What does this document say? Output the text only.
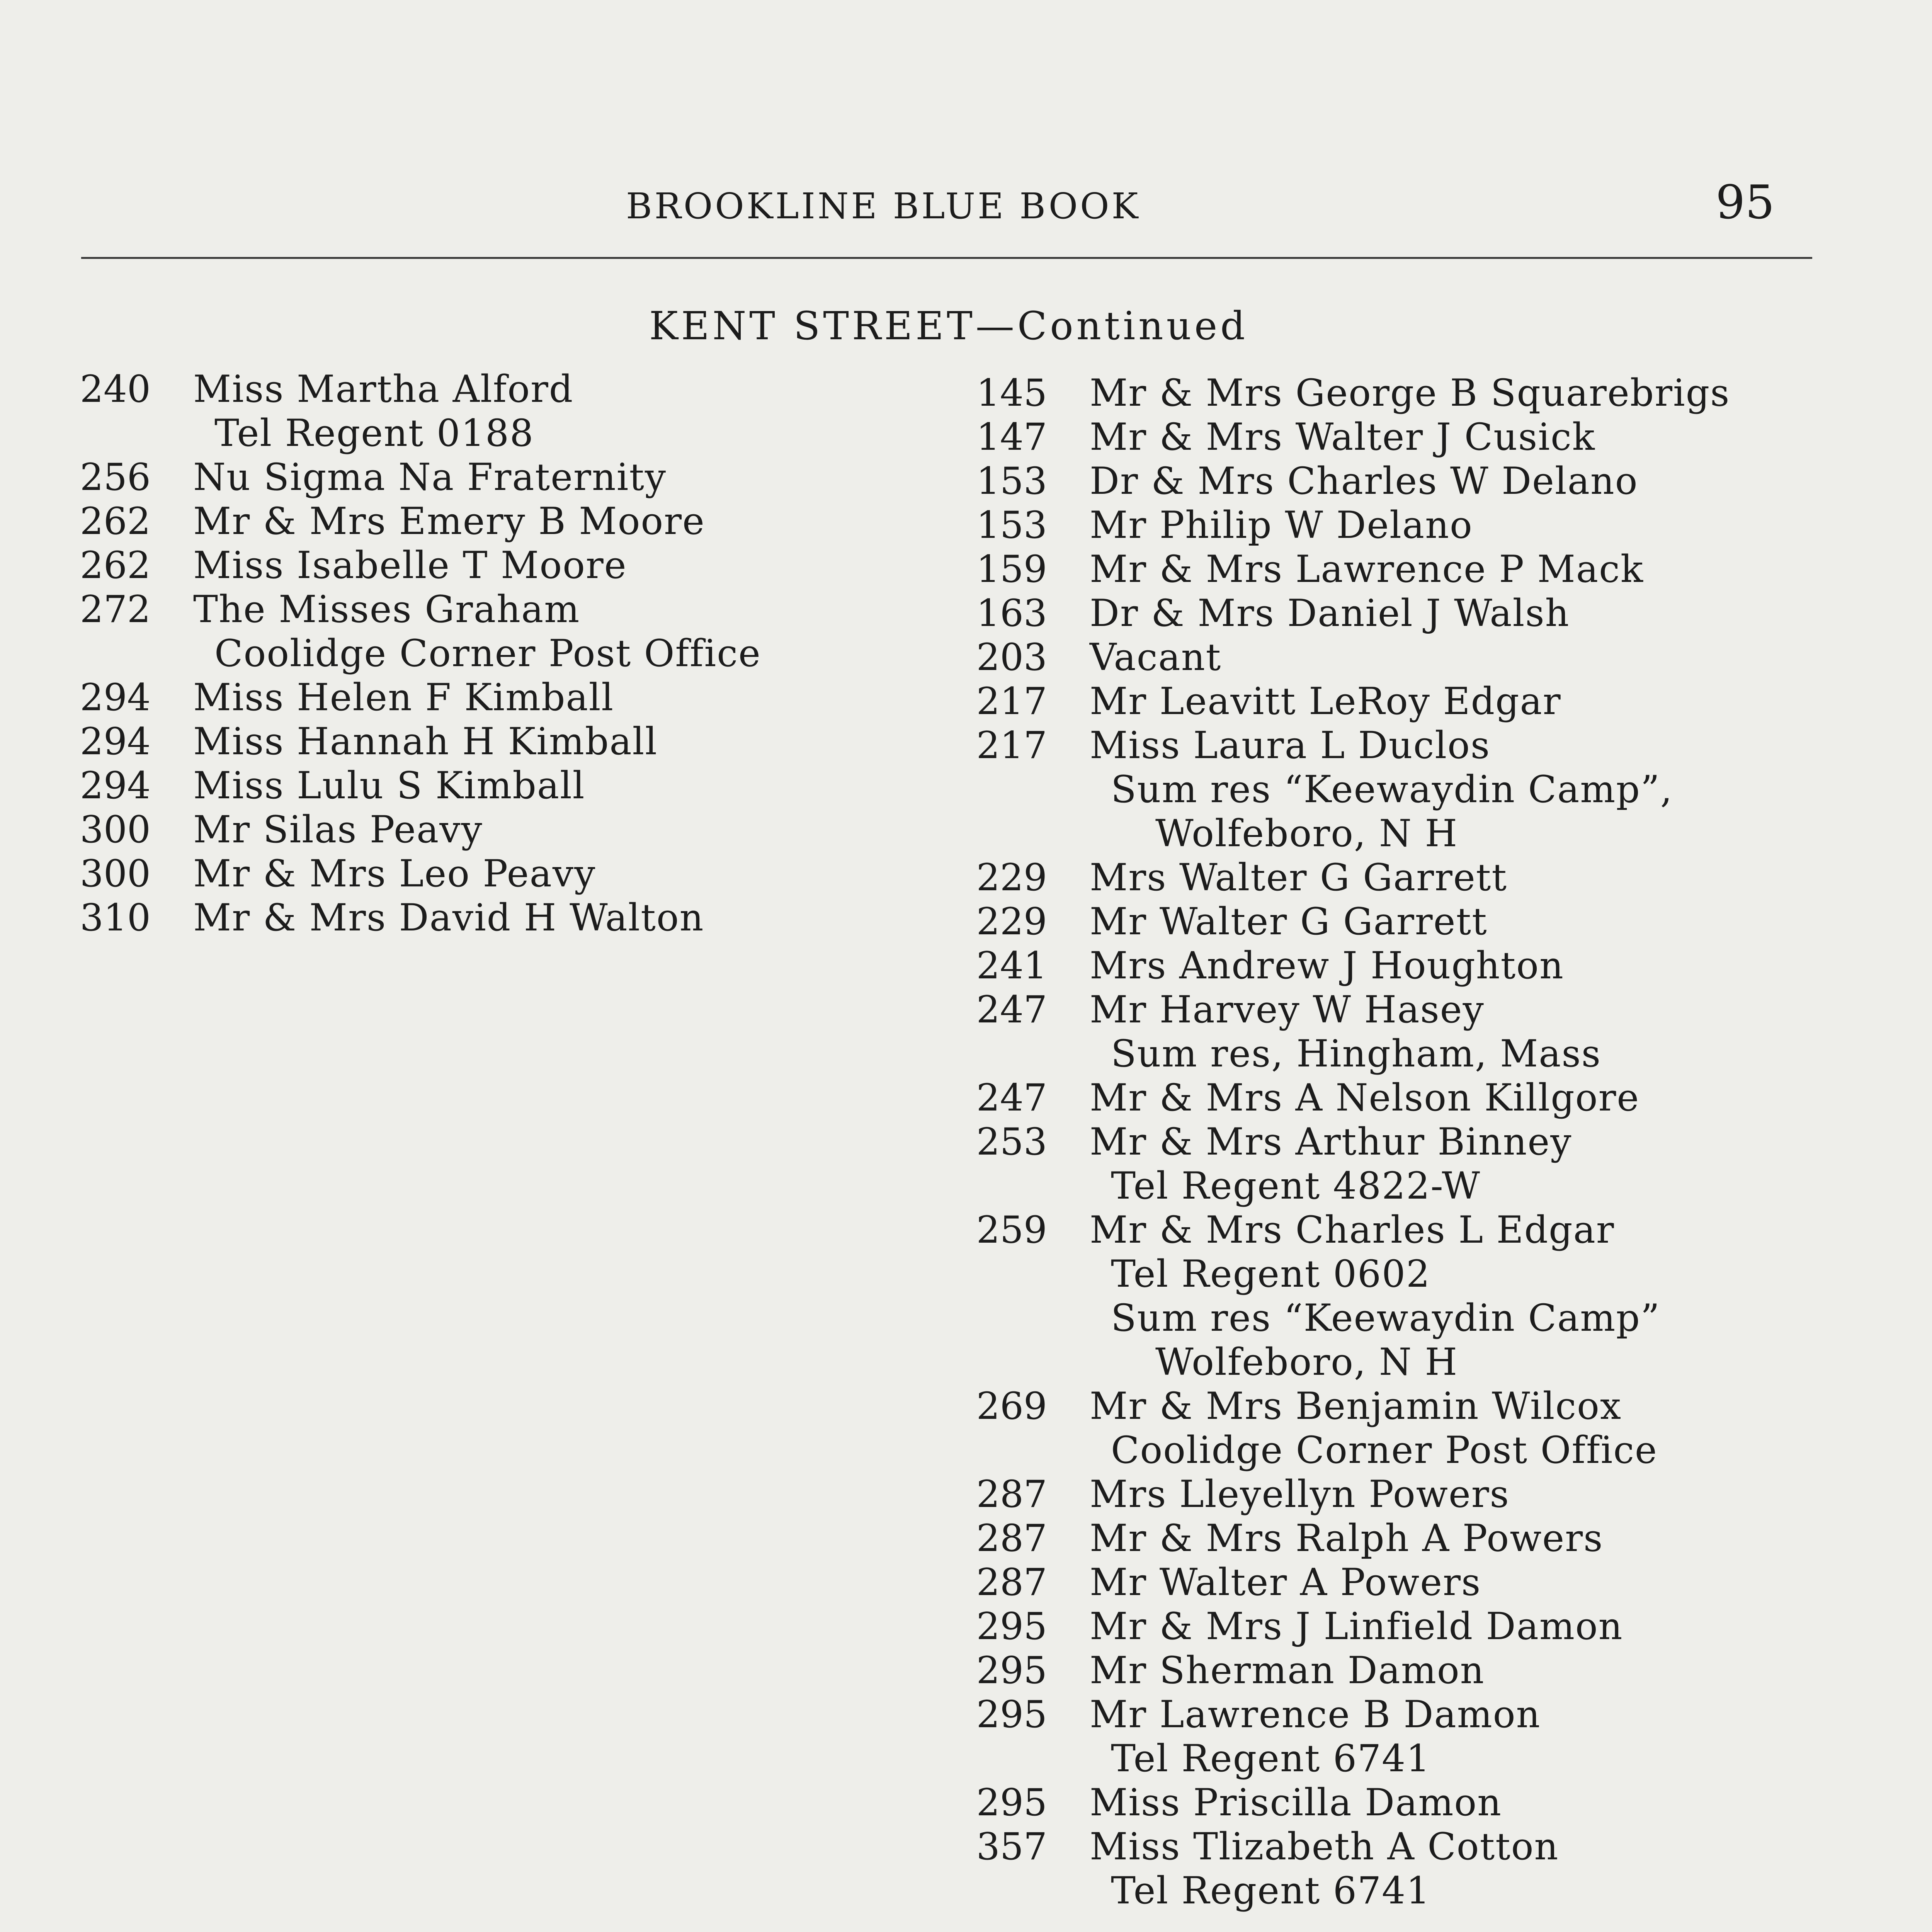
BROOKLINE BLUE BOOK	95
KENT STREET—Continued
240 Miss Martha Alford
Tel Regent 0188
256 Nu Sigma Na Fraternity
262 Mr & Mrs Emery B Moore
262 Miss Isabelle T Moore
272 The Misses Graham
Coolidge Corner Post Office
294 Miss Helen F Kimball
294 Miss Hannah H Kimball
294 Miss Lulu S Kimball
300 Mr Silas Peavy
300 Mr & Mrs Leo Peavy
310 Mr & Mrs David H Walton
145 Mr & Mrs George B Squarebrigs
147 Mr & Mrs Walter J Cusick
153 Dr & Mrs Charles W Delano
153 Mr Philip W Delano
159 Mr & Mrs Lawrence P Mack
163 Dr & Mrs Daniel J Walsh
203 Vacant
217 Mr Leavitt LeRoy Edgar
217 Miss Laura L Duclos
Sum res “Keewaydin Camp”,
Wolfeboro, N H
229 Mrs Walter G Garrett
229 Mr Walter G Garrett
241 Mrs Andrew J Houghton
247 Mr Harvey W Hasey
Sum res, Hingham, Mass
247 Mr & Mrs A Nelson Killgore
253 Mr & Mrs Arthur Binney
Tel Regent 4822-W
259 Mr & Mrs Charles L Edgar
Tel Regent 0602
Sum res “Keewaydin Camp”
Wolfeboro, N H
269 Mr & Mrs Benjamin Wilcox
Coolidge Corner Post Office
287 Mrs Lleyellyn Powers
287 Mr & Mrs Ralph A Powers
287 Mr Walter A Powers
295 Mr & Mrs J Linfield Damon
295 Mr Sherman Damon
295 Mr Lawrence B Damon
Tel Regent 6741
295 Miss Priscilla Damon
357 Miss Tlizabeth A Cotton
Tel Regent 6741
